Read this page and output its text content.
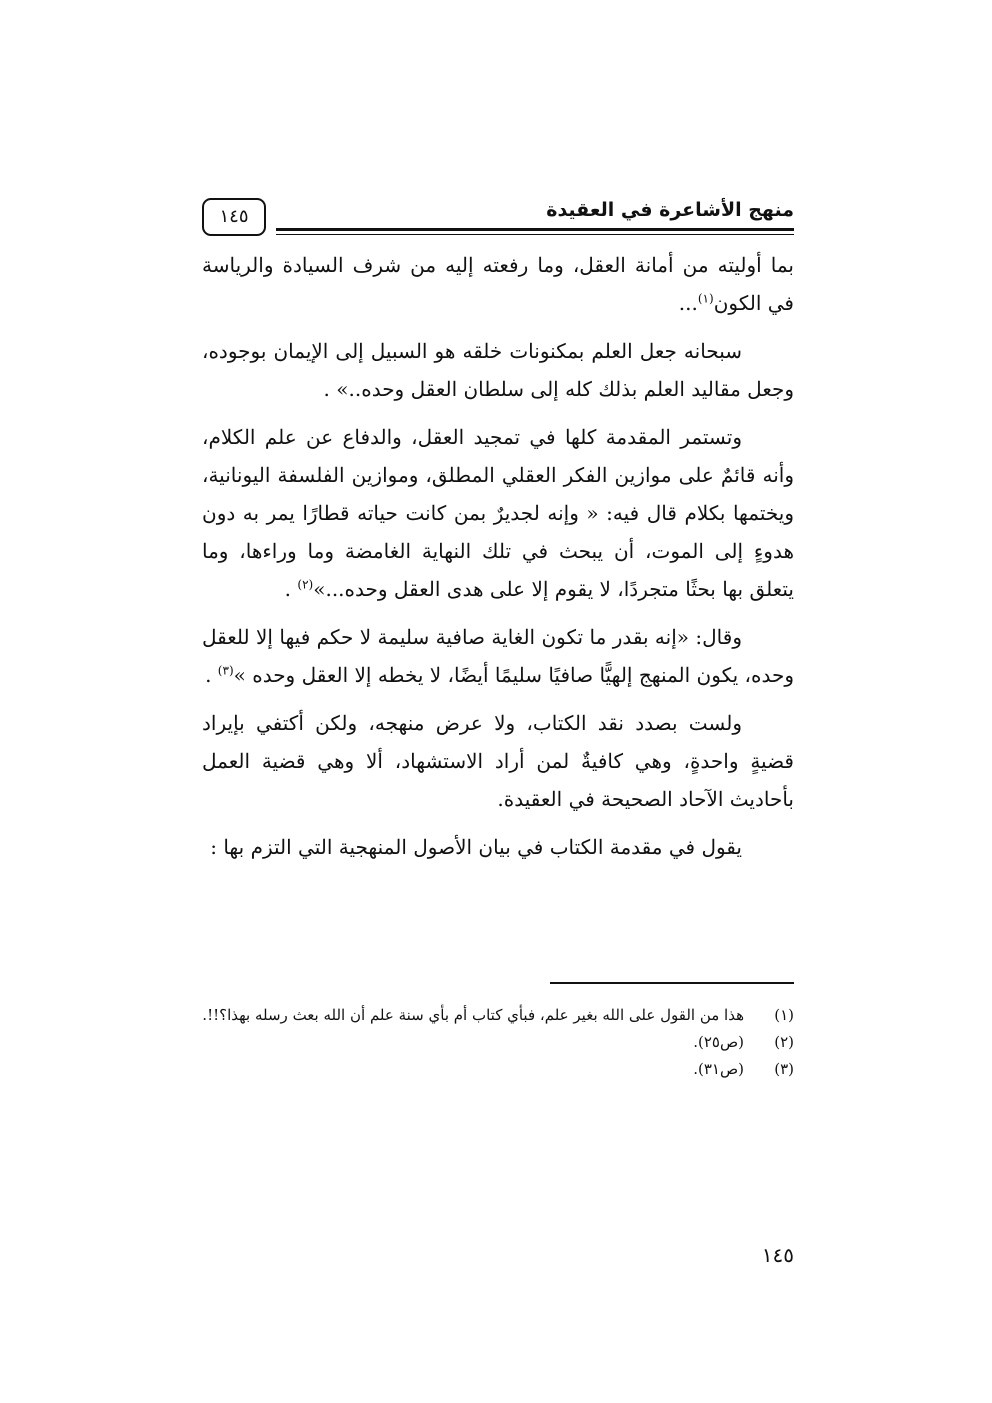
منهج الأشاعرة في العقيدة
١٤٥

بما أوليته من أمانة العقل، وما رفعته إليه من شرف السيادة والرياسة في الكون$^{(١)}$...

سبحانه جعل العلم بمكنونات خلقه هو السبيل إلى الإيمان بوجوده، وجعل مقاليد العلم بذلك كله إلى سلطان العقل وحده..» .

وتستمر المقدمة كلها في تمجيد العقل، والدفاع عن علم الكلام، وأنه قائمٌ على موازين الفكر العقلي المطلق، وموازين الفلسفة اليونانية، ويختمها بكلام قال فيه: « وإنه لجديرٌ بمن كانت حياته قطارًا يمر به دون هدوءٍ إلى الموت، أن يبحث في تلك النهاية الغامضة وما وراءها، وما يتعلق بها بحثًا متجردًا، لا يقوم إلا على هدى العقل وحده...»$^{(٢)}$ .

وقال: «إنه بقدر ما تكون الغاية صافية سليمة لا حكم فيها إلا للعقل وحده، يكون المنهج إلهيًّا صافيًا سليمًا أيضًا، لا يخطه إلا العقل وحده »$^{(٣)}$ .

ولست بصدد نقد الكتاب، ولا عرض منهجه، ولكن أكتفي بإيراد قضيةٍ واحدةٍ، وهي كافيةٌ لمن أراد الاستشهاد، ألا وهي قضية العمل بأحاديث الآحاد الصحيحة في العقيدة.

يقول في مقدمة الكتاب في بيان الأصول المنهجية التي التزم بها :

(١)
هذا من القول على الله بغير علم، فبأي كتاب أم بأي سنة علم أن الله بعث رسله بهذا؟!!.
(٢)
(ص٢٥).
(٣)
(ص٣١).
١٤٥
